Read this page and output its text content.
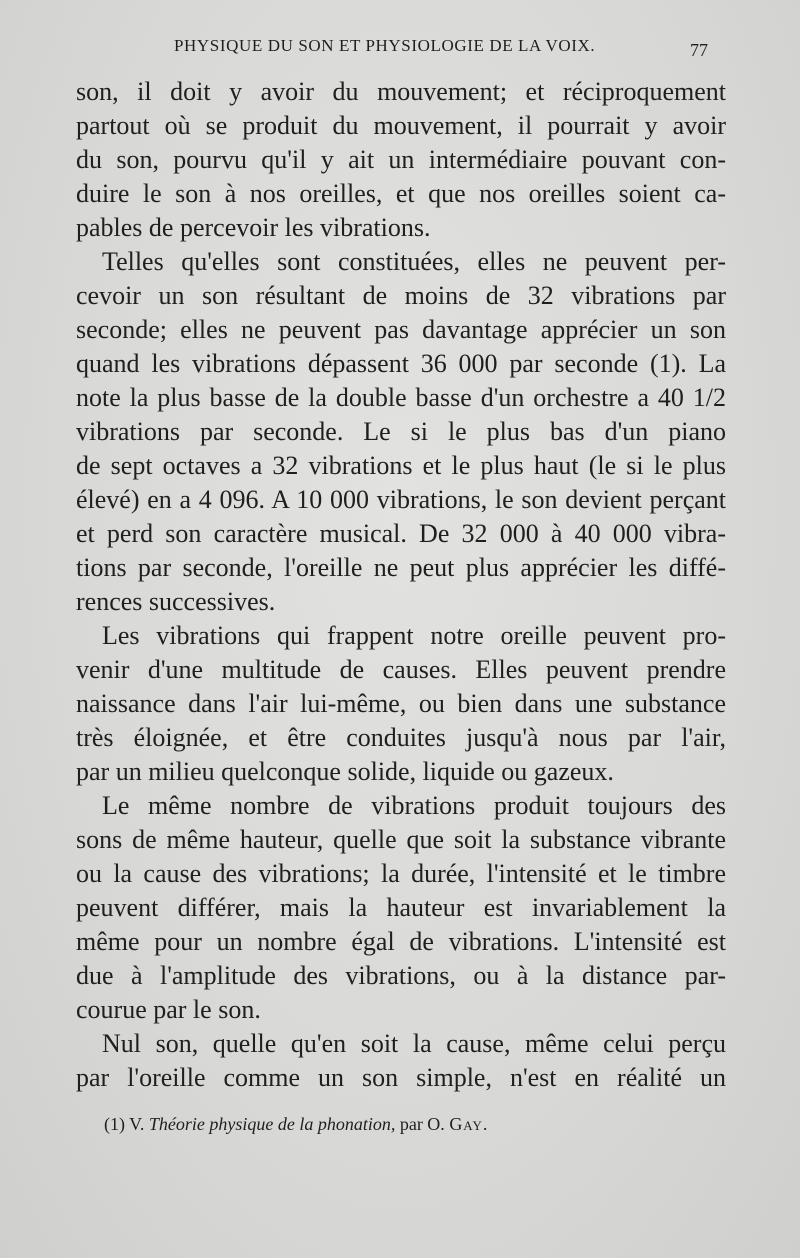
PHYSIQUE DU SON ET PHYSIOLOGIE DE LA VOIX.	77
son, il doit y avoir du mouvement; et réciproquement
partout où se produit du mouvement, il pourrait y avoir
du son, pourvu qu'il y ait un intermédiaire pouvant con-
duire le son à nos oreilles, et que nos oreilles soient ca-
pables de percevoir les vibrations.
Telles qu'elles sont constituées, elles ne peuvent per-
cevoir un son résultant de moins de 32 vibrations par
seconde; elles ne peuvent pas davantage apprécier un son
quand les vibrations dépassent 36 000 par seconde (1). La
note la plus basse de la double basse d'un orchestre a 40 1/2
vibrations par seconde. Le si le plus bas d'un piano
de sept octaves a 32 vibrations et le plus haut (le si le plus
élevé) en a 4 096. A 10 000 vibrations, le son devient perçant
et perd son caractère musical. De 32 000 à 40 000 vibra-
tions par seconde, l'oreille ne peut plus apprécier les diffé-
rences successives.
Les vibrations qui frappent notre oreille peuvent pro-
venir d'une multitude de causes. Elles peuvent prendre
naissance dans l'air lui-même, ou bien dans une substance
très éloignée, et être conduites jusqu'à nous par l'air,
par un milieu quelconque solide, liquide ou gazeux.
Le même nombre de vibrations produit toujours des
sons de même hauteur, quelle que soit la substance vibrante
ou la cause des vibrations; la durée, l'intensité et le timbre
peuvent différer, mais la hauteur est invariablement la
même pour un nombre égal de vibrations. L'intensité est
due à l'amplitude des vibrations, ou à la distance par-
courue par le son.
Nul son, quelle qu'en soit la cause, même celui perçu
par l'oreille comme un son simple, n'est en réalité un
(1) V. Théorie physique de la phonation, par O. Gay.
